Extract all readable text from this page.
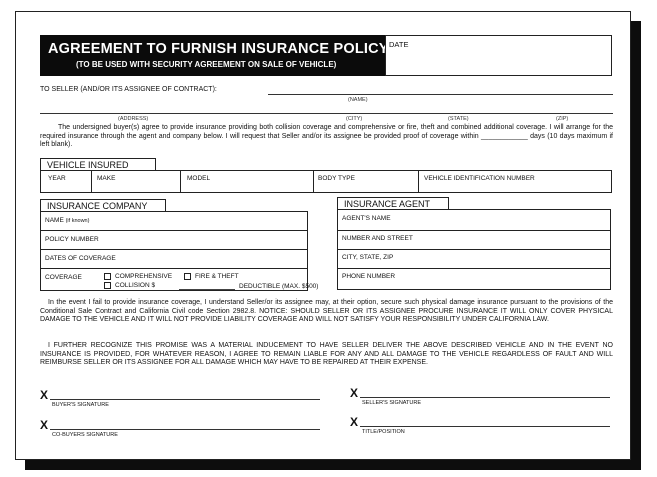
AGREEMENT TO FURNISH INSURANCE POLICY
(TO BE USED WITH SECURITY AGREEMENT ON SALE OF VEHICLE)
DATE
TO SELLER (AND/OR ITS ASSIGNEE OF CONTRACT):
(NAME)
(ADDRESS)	(CITY)	(STATE)	(ZIP)
The undersigned buyer(s) agree to provide insurance providing both collision coverage and comprehensive or fire, theft and combined additional coverage. I will arrange for the required insurance through the agent and company below. I will request that Seller and/or its assignee be provided proof of coverage within ____________ days (10 days maximum if left blank).
VEHICLE INSURED
YEAR	MAKE	MODEL	BODY TYPE	VEHICLE IDENTIFICATION NUMBER
INSURANCE COMPANY
NAME (if known)
POLICY NUMBER
DATES OF COVERAGE
COVERAGE	COMPREHENSIVE	FIRE & THEFT
COLLISION $	DEDUCTIBLE (MAX. $500)
INSURANCE AGENT
AGENT'S NAME
NUMBER AND STREET
CITY, STATE, ZIP
PHONE NUMBER
In the event I fail to provide insurance coverage, I understand Seller/or its assignee may, at their option, secure such physical damage insurance pursuant to the provisions of the Conditional Sale Contract and California Civil code Section 2982.8. NOTICE: SHOULD SELLER OR ITS ASSIGNEE PROCURE INSURANCE IT WILL ONLY COVER PHYSICAL DAMAGE TO THE VEHICLE AND IT WILL NOT PROVIDE LIABILITY COVERAGE AND WILL NOT SATISFY YOUR RESPONSIBILITY UNDER CALIFORNIA LAW.
I FURTHER RECOGNIZE THIS PROMISE WAS A MATERIAL INDUCEMENT TO HAVE SELLER DELIVER THE ABOVE DESCRIBED VEHICLE AND IN THE EVENT NO INSURANCE IS PROVIDED, FOR WHATEVER REASON, I AGREE TO REMAIN LIABLE FOR ANY AND ALL DAMAGE TO THE VEHICLE REGARDLESS OF FAULT AND WILL REIMBURSE SELLER OR ITS ASSIGNEE FOR ALL DAMAGE WHICH MAY HAVE TO BE REPAIRED AT THEIR EXPENSE.
X
BUYER'S SIGNATURE
X
SELLER'S SIGNATURE
X
CO-BUYERS SIGNATURE
X
TITLE/POSITION
